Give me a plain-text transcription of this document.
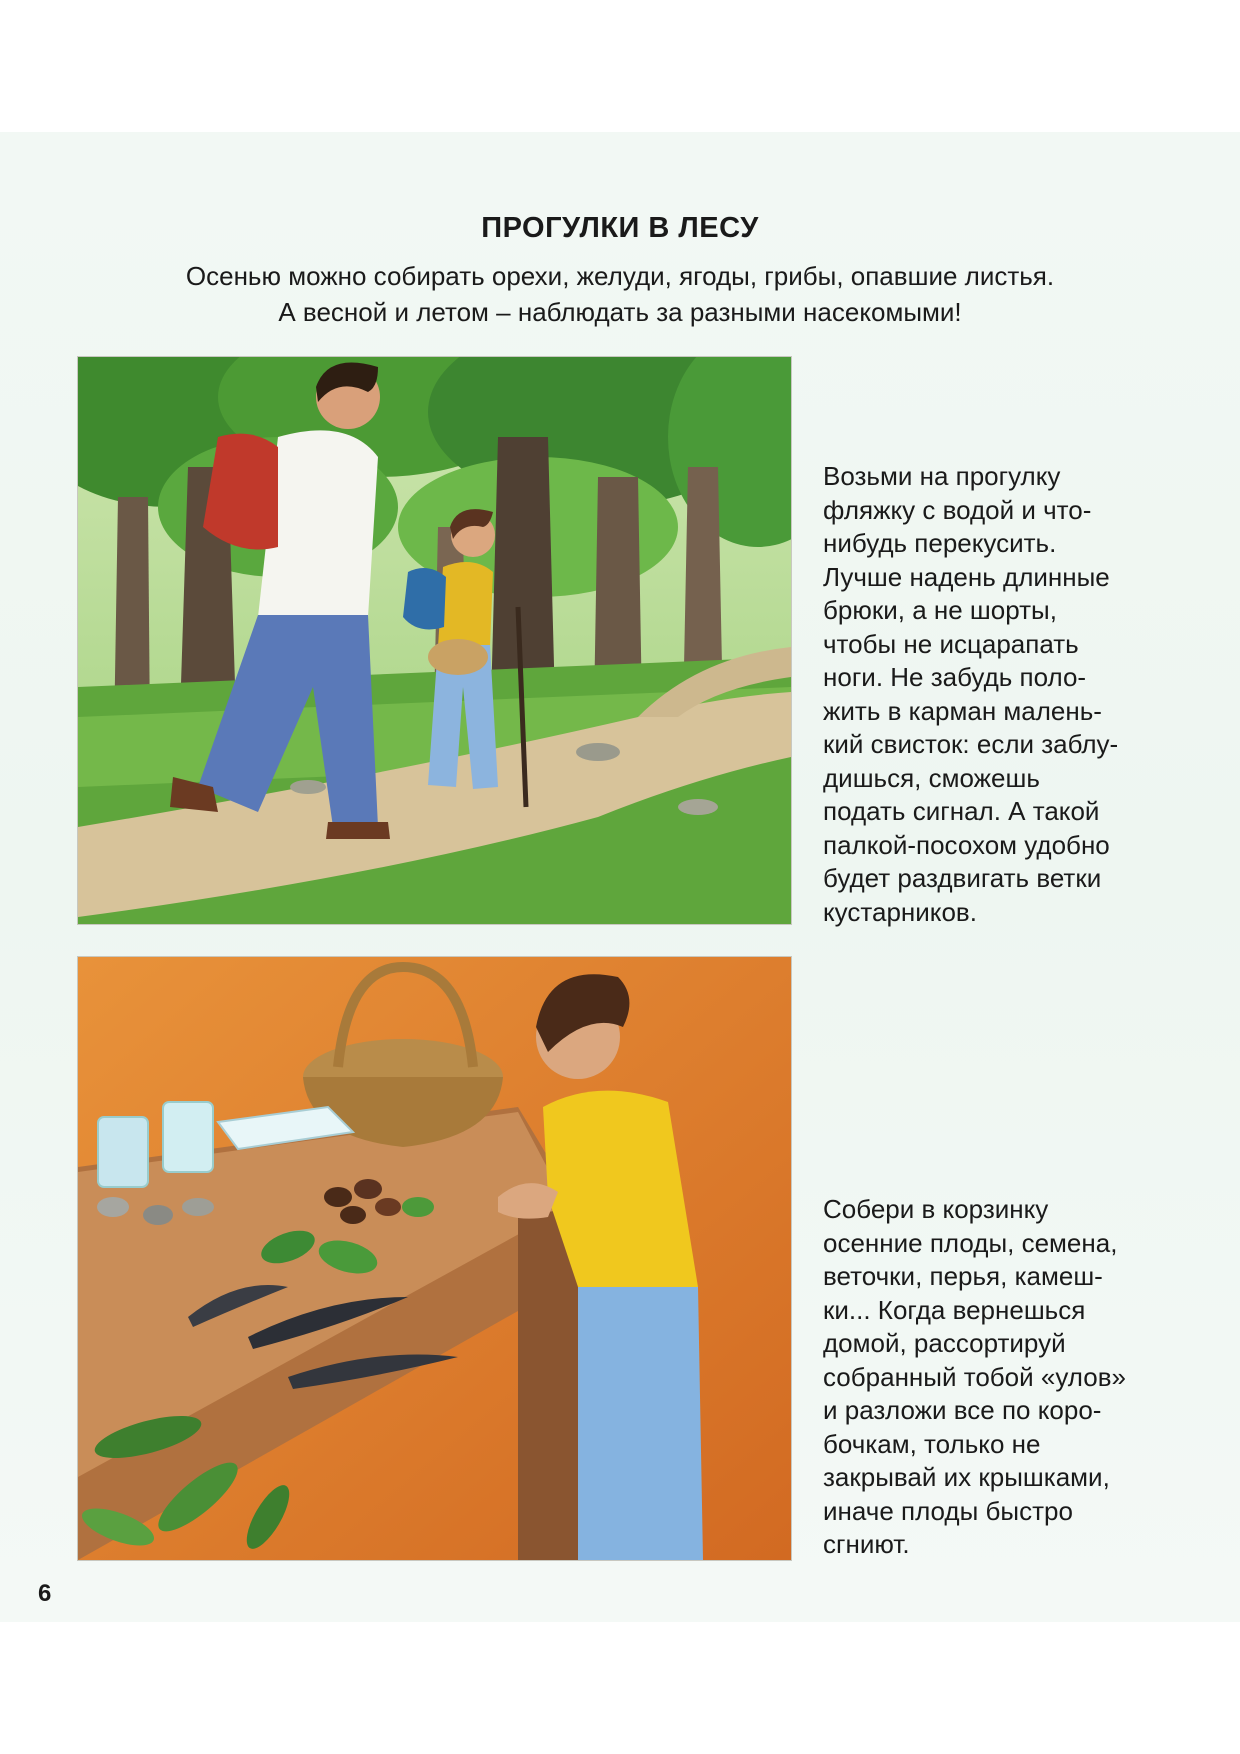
ПРОГУЛКИ В ЛЕСУ
Осенью можно собирать орехи, желуди, ягоды, грибы, опавшие листья.
А весной и летом – наблюдать за разными насекомыми!
Возьми на прогулку
фляжку с водой и что-
нибудь перекусить.
Лучше надень длинные
брюки, а не шорты,
чтобы не исцарапать
ноги. Не забудь поло-
жить в карман малень-
кий свисток: если заблу-
дишься, сможешь
подать сигнал. А такой
палкой-посохом удобно
будет раздвигать ветки
кустарников.
Собери в корзинку
осенние плоды, семена,
веточки, перья, камеш-
ки... Когда вернешься
домой, рассортируй
собранный тобой «улов»
и разложи все по коро-
бочкам, только не
закрывай их крышками,
иначе плоды быстро
сгниют.
6
